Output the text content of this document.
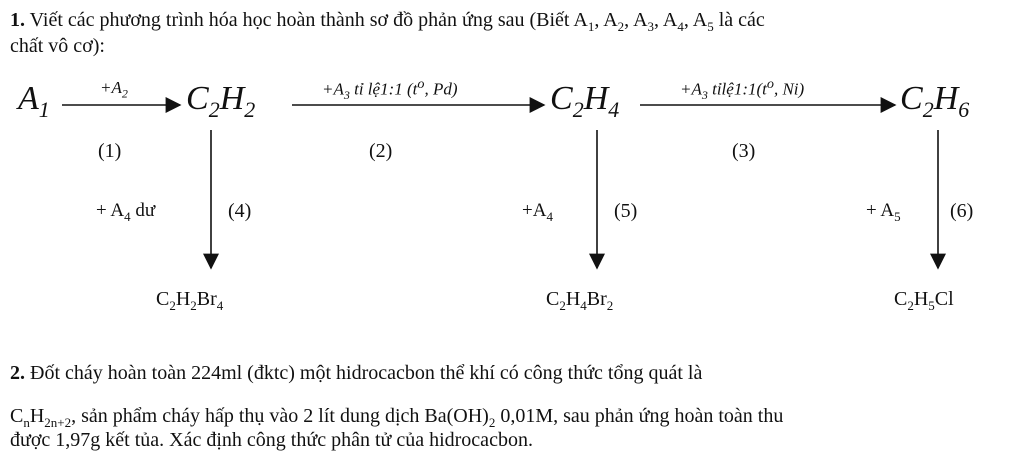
1. Viết các phương trình hóa học hoàn thành sơ đồ phản ứng sau (Biết $A_1$, $A_2$, $A_3$, $A_4$, $A_5$ là các
chất vô cơ):
$A_1$	$C_2H_2$	$C_2H_4$	$C_2H_6$
$+A_2$	$+A_3$ tỉ lệ1:1 ($t^o$, Pd)	$+A_3$ $tỉlệ1:1(t^o$, Ni)
(1)	(2)	(3)
+ $A_4$ dư	(4)	$+A_4$	(5)	+ $A_5$ (6)
$C_2H_2Br_4$	$C_2H_4Br_2$	$C_2H_5Cl$
2. Đốt cháy hoàn toàn 224ml (đktc) một hidrocacbon thể khí có công thức tổng quát là
$C_nH_{2n+2}$, sản phẩm cháy hấp thụ vào 2 lít dung dịch $Ba(OH)_2$ 0,01M, sau phản ứng hoàn toàn thu
được 1,97g kết tủa. Xác định công thức phân tử của hidrocacbon.
